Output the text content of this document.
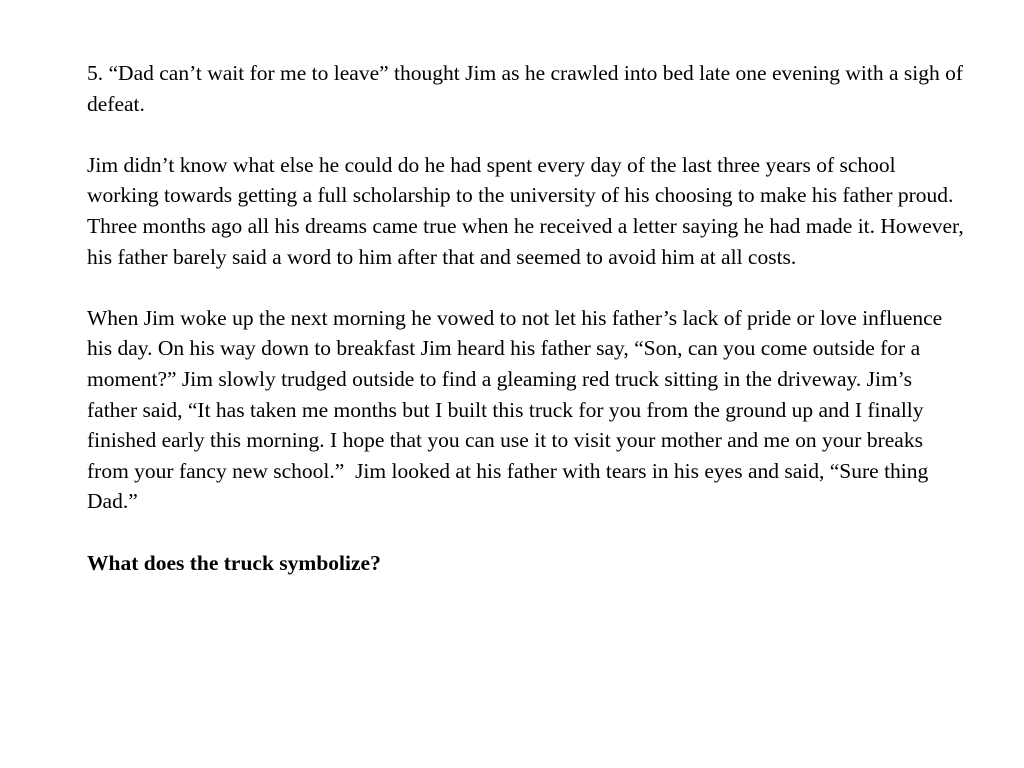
5. “Dad can’t wait for me to leave” thought Jim as he crawled into bed late one evening with a sigh of defeat.

Jim didn’t know what else he could do he had spent every day of the last three years of school working towards getting a full scholarship to the university of his choosing to make his father proud. Three months ago all his dreams came true when he received a letter saying he had made it. However, his father barely said a word to him after that and seemed to avoid him at all costs.

When Jim woke up the next morning he vowed to not let his father’s lack of pride or love influence his day. On his way down to breakfast Jim heard his father say, “Son, can you come outside for a moment?” Jim slowly trudged outside to find a gleaming red truck sitting in the driveway. Jim’s father said, “It has taken me months but I built this truck for you from the ground up and I finally finished early this morning. I hope that you can use it to visit your mother and me on your breaks from your fancy new school.”  Jim looked at his father with tears in his eyes and said, “Sure thing Dad.”

What does the truck symbolize?
